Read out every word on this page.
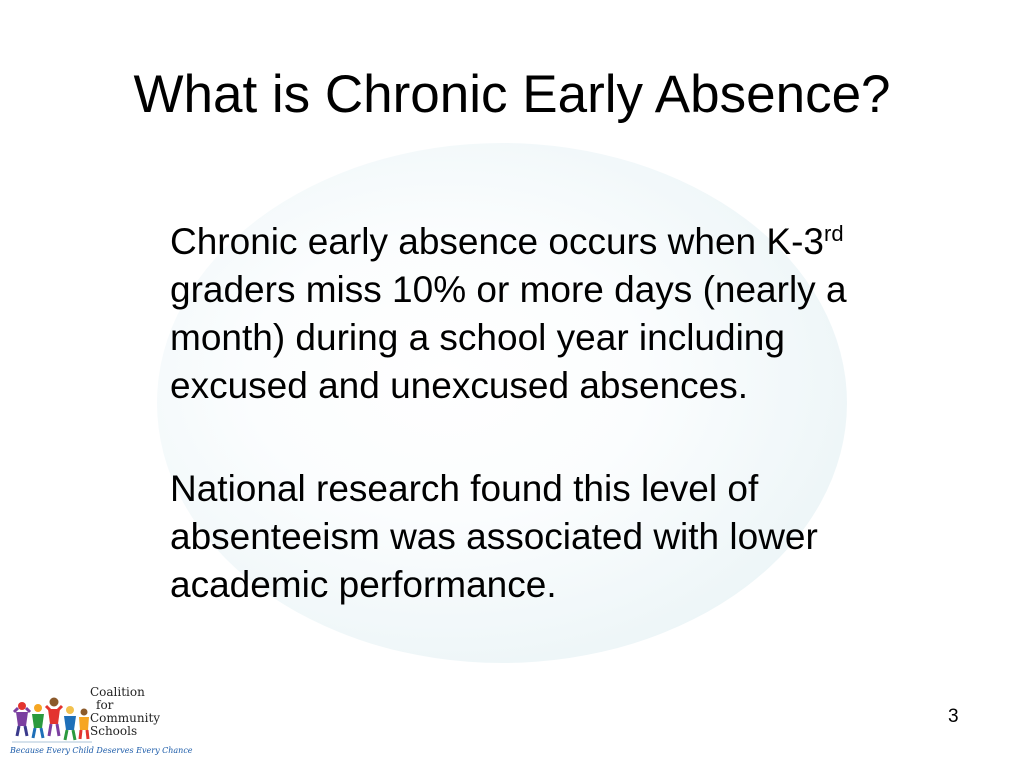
What is Chronic Early Absence?

Chronic early absence occurs when K-3rd graders miss 10% or more days (nearly a month) during a school year including excused and unexcused absences.

National research found this level of absenteeism was associated with lower academic performance.

Coalition
for
Community
Schools
Because Every Child Deserves Every Chance
3
